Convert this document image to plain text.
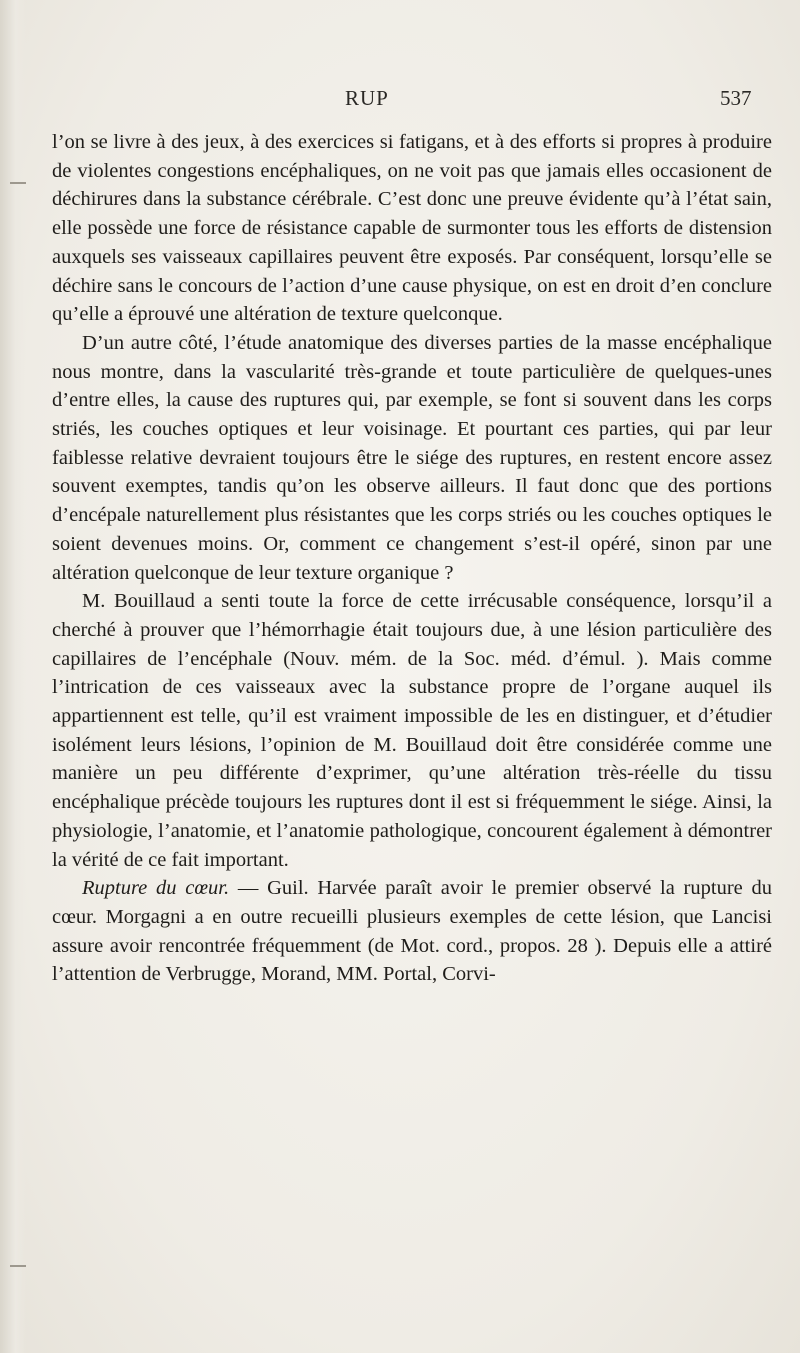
RUP	537

l’on se livre à des jeux, à des exercices si fatigans, et à des efforts si propres à produire de violentes congestions encéphaliques, on ne voit pas que jamais elles occasionent de déchirures dans la substance cérébrale. C’est donc une preuve évidente qu’à l’état sain, elle possède une force de résistance capable de surmonter tous les efforts de distension auxquels ses vaisseaux capillaires peuvent être exposés. Par conséquent, lorsqu’elle se déchire sans le concours de l’action d’une cause physique, on est en droit d’en conclure qu’elle a éprouvé une altération de texture quelconque.

D’un autre côté, l’étude anatomique des diverses parties de la masse encéphalique nous montre, dans la vascularité très-grande et toute particulière de quelques-unes d’entre elles, la cause des ruptures qui, par exemple, se font si souvent dans les corps striés, les couches optiques et leur voisinage. Et pourtant ces parties, qui par leur faiblesse relative devraient toujours être le siége des ruptures, en restent encore assez souvent exemptes, tandis qu’on les observe ailleurs. Il faut donc que des portions d’encépale naturellement plus résistantes que les corps striés ou les couches optiques le soient devenues moins. Or, comment ce changement s’est-il opéré, sinon par une altération quelconque de leur texture organique ?

M. Bouillaud a senti toute la force de cette irrécusable conséquence, lorsqu’il a cherché à prouver que l’hémorrhagie était toujours due, à une lésion particulière des capillaires de l’encéphale (Nouv. mém. de la Soc. méd. d’émul. ). Mais comme l’intrication de ces vaisseaux avec la substance propre de l’organe auquel ils appartiennent est telle, qu’il est vraiment impossible de les en distinguer, et d’étudier isolément leurs lésions, l’opinion de M. Bouillaud doit être considérée comme une manière un peu différente d’exprimer, qu’une altération très-réelle du tissu encéphalique précède toujours les ruptures dont il est si fréquemment le siége. Ainsi, la physiologie, l’anatomie, et l’anatomie pathologique, concourent également à démontrer la vérité de ce fait important.

Rupture du cœur. — Guil. Harvée paraît avoir le premier observé la rupture du cœur. Morgagni a en outre recueilli plusieurs exemples de cette lésion, que Lancisi assure avoir rencontrée fréquemment (de Mot. cord., propos. 28 ). Depuis elle a attiré l’attention de Verbrugge, Morand, MM. Portal, Corvi-
